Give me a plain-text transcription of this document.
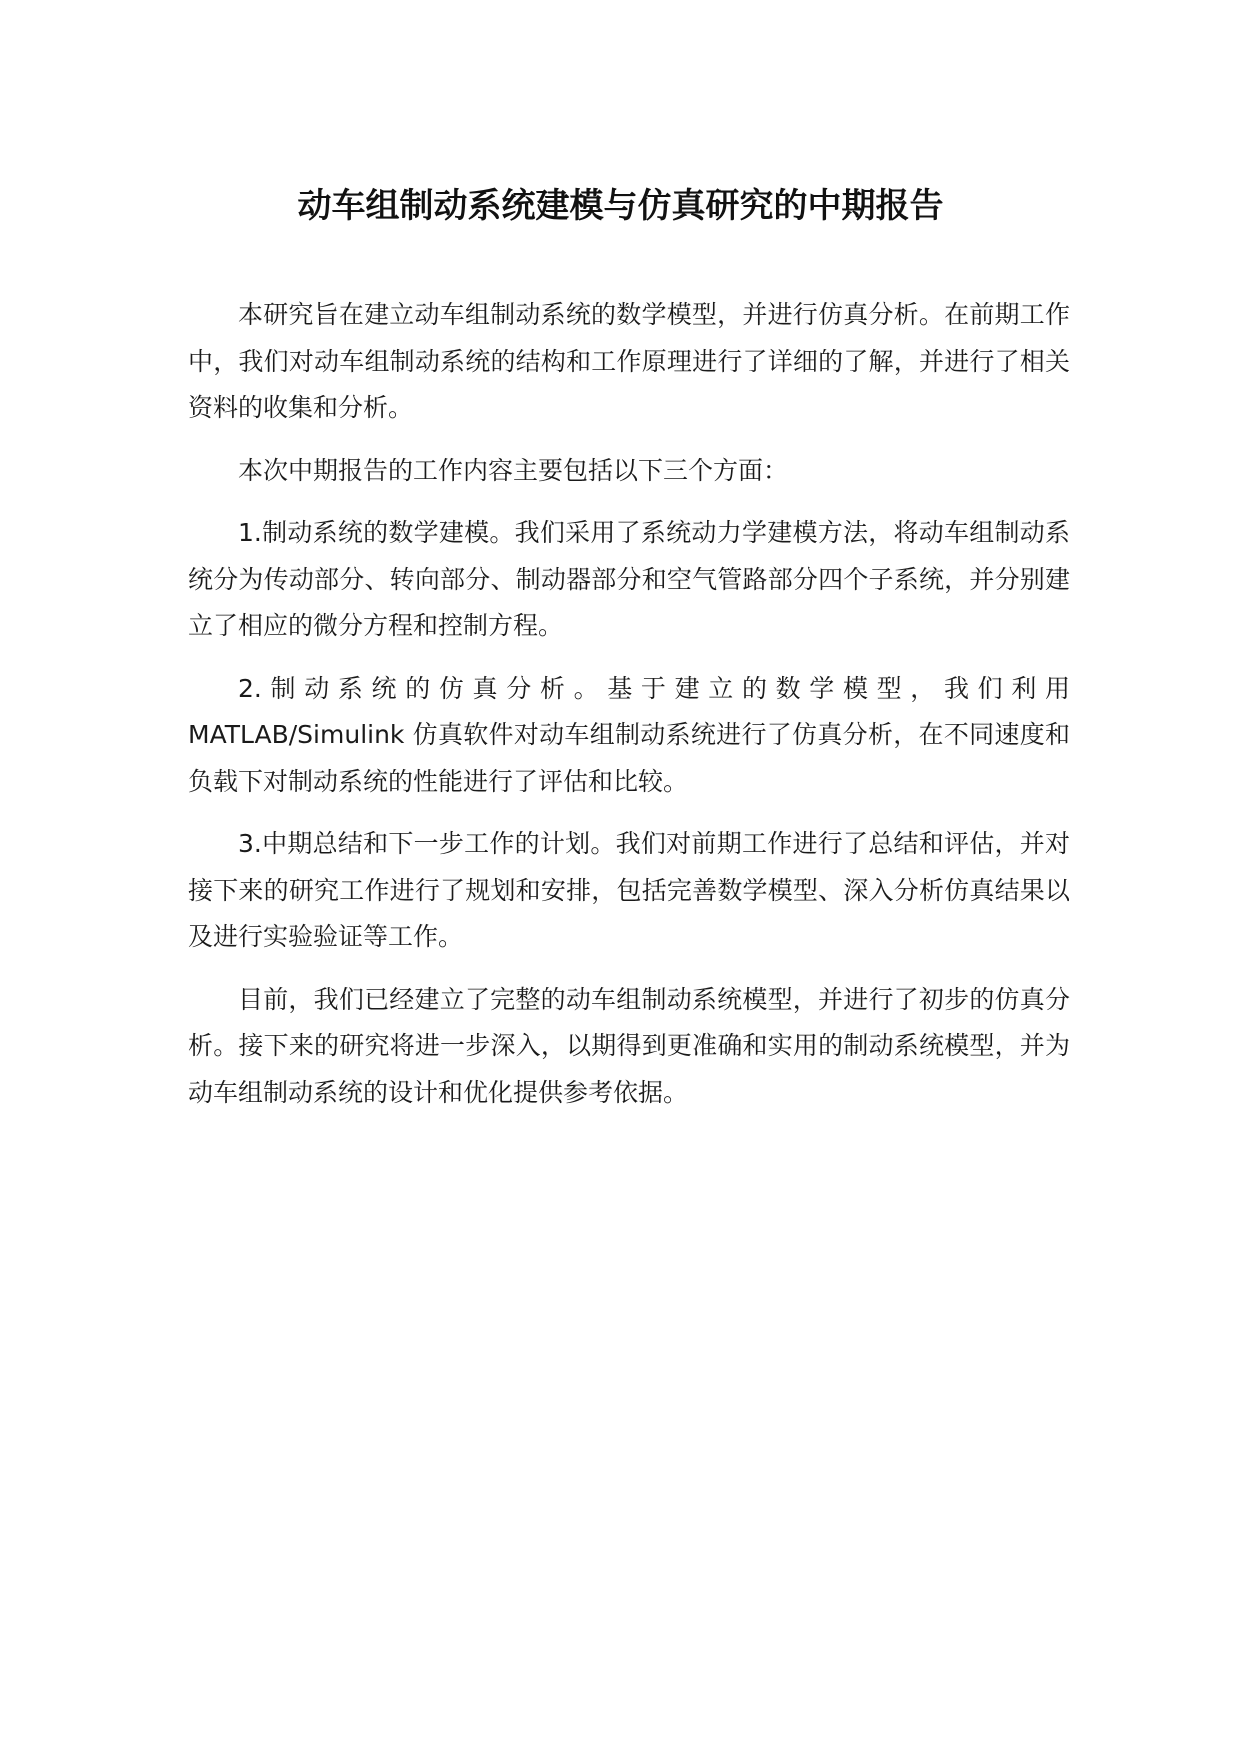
动车组制动系统建模与仿真研究的中期报告

本研究旨在建立动车组制动系统的数学模型，并进行仿真分析。在前期工作中，我们对动车组制动系统的结构和工作原理进行了详细的了解，并进行了相关资料的收集和分析。

本次中期报告的工作内容主要包括以下三个方面：

1.制动系统的数学建模。我们采用了系统动力学建模方法，将动车组制动系统分为传动部分、转向部分、制动器部分和空气管路部分四个子系统，并分别建立了相应的微分方程和控制方程。

2.制动系统的仿真分析。基于建立的数学模型，我们利用MATLAB/Simulink 仿真软件对动车组制动系统进行了仿真分析，在不同速度和负载下对制动系统的性能进行了评估和比较。

3.中期总结和下一步工作的计划。我们对前期工作进行了总结和评估，并对接下来的研究工作进行了规划和安排，包括完善数学模型、深入分析仿真结果以及进行实验验证等工作。

目前，我们已经建立了完整的动车组制动系统模型，并进行了初步的仿真分析。接下来的研究将进一步深入，以期得到更准确和实用的制动系统模型，并为动车组制动系统的设计和优化提供参考依据。
